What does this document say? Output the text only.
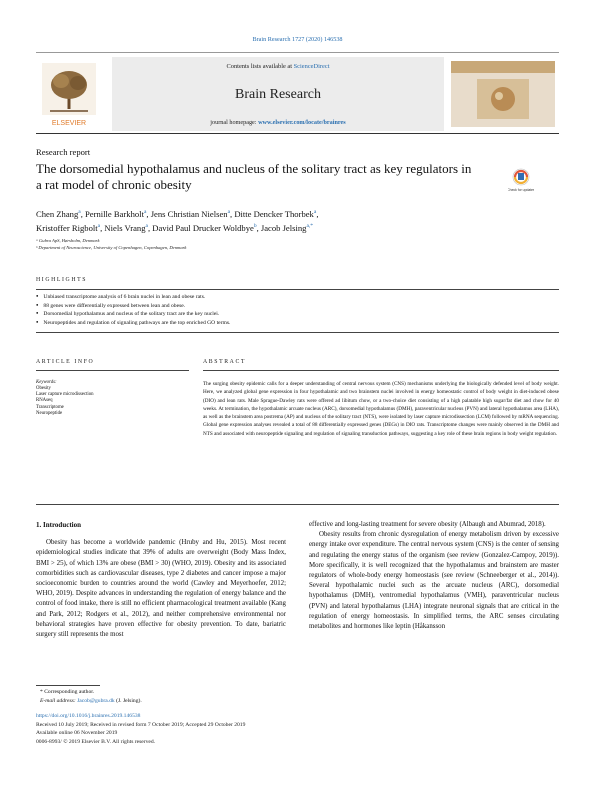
Brain Research 1727 (2020) 146538
ELSEVIER
Contents lists available at ScienceDirect
Brain Research
journal homepage: www.elsevier.com/locate/brainres
Research report
The dorsomedial hypothalamus and nucleus of the solitary tract as key regulators in a rat model of chronic obesity	Check for updates
Chen Zhang$^a$, Pernille Barkholt$^a$, Jens Christian Nielsen$^a$, Ditte Dencker Thorbek$^a$,
Kristoffer Rigbolt$^a$, Niels Vrang$^a$, David Paul Drucker Woldbye$^b$, Jacob Jelsing$^{a,*}$
ᵃ Gubra ApS, Hørsholm, Denmark
ᵇ Department of Neuroscience, University of Copenhagen, Copenhagen, Denmark
HIGHLIGHTS
● Unbiased transcriptome analysis of 6 brain nuclei in lean and obese rats.
● 88 genes were differentially expressed between lean and obese.
● Dorsomedial hypothalamus and nucleus of the solitary tract are the key nuclei.
● Neuropeptides and regulation of signaling pathways are the top enriched GO terms.
ARTICLE INFO	ABSTRACT
Keywords:
Obesity
Laser capture microdissection
RNAseq
Transcriptome
Neuropeptide
The surging obesity epidemic calls for a deeper understanding of central nervous system (CNS) mechanisms underlying the biologically defended level of body weight. Here, we analyzed global gene expression in four hypothalamic and two brainstem nuclei involved in energy homeostatic control of body weight in diet-induced obese (DIO) and lean rats. Male Sprague-Dawley rats were offered ad libitum chow, or a two-choice diet consisting of a high palatable high sugar/fat diet and chow for 40 weeks. At termination, the hypothalamic arcuate nucleus (ARC), dorsomedial hypothalamus (DMH), paraventricular nucleus (PVN) and lateral hypothalamus area (LHA), as well as the brainstem area postrema (AP) and nucleus of the solitary tract (NTS), were isolated by laser capture microdissection (LCM) followed by mRNA sequencing. Global gene expression analyses revealed a total of 88 differentially expressed genes (DEGs) in DIO rats. Transcriptome changes were mainly observed in the DMH and NTS and associated with neuropeptide signaling and regulation of signaling transduction pathways, suggesting a key role of these brain regions in body weight regulation.
1. Introduction

Obesity has become a worldwide pandemic (Hruby and Hu, 2015). Most recent epidemiological studies indicate that 39% of adults are overweight (Body Mass Index, BMI > 25), of which 13% are obese (BMI > 30) (WHO, 2019). Obesity and its associated comorbidities such as cardiovascular diseases, type 2 diabetes and cancer impose a major socioeconomic burden to countries around the world (Cawley and Meyerhoefer, 2012; WHO, 2019). Despite advances in understanding the regulation of energy balance and the control of food intake, there is still no efficient pharmacological treatment available (Kang and Park, 2012; Rodgers et al., 2012), and neither comprehensive environmental nor behavioral strategies have proven effective for obesity prevention. To date, bariatric surgery still represents the most

effective and long-lasting treatment for severe obesity (Albaugh and Abumrad, 2018).

Obesity results from chronic dysregulation of energy metabolism driven by excessive energy intake over expenditure. The central nervous system (CNS) is the center of sensing and regulating the energy status of the organism (see review (Gonzalez-Campoy, 2019)). More specifically, it is well recognized that the hypothalamus and brainstem are master regulators of whole-body energy homeostasis (see review (Schneeberger et al., 2014)). Several hypothalamic nuclei such as the arcuate nucleus (ARC), dorsomedial hypothalamus (DMH), ventromedial hypothalamus (VMH), paraventricular nucleus (PVN) and lateral hypothalamus (LHA) integrate neuronal signals that are critical in the regulation of energy homeostasis. In simplified terms, the ARC senses circulating metabolites and hormones like leptin (Håkansson

* Corresponding author.
E-mail address: Jacob@gubra.dk (J. Jelsing).
https://doi.org/10.1016/j.brainres.2019.146538
Received 10 July 2019; Received in revised form 7 October 2019; Accepted 29 October 2019
Available online 06 November 2019
0006-8993/ © 2019 Elsevier B.V. All rights reserved.
